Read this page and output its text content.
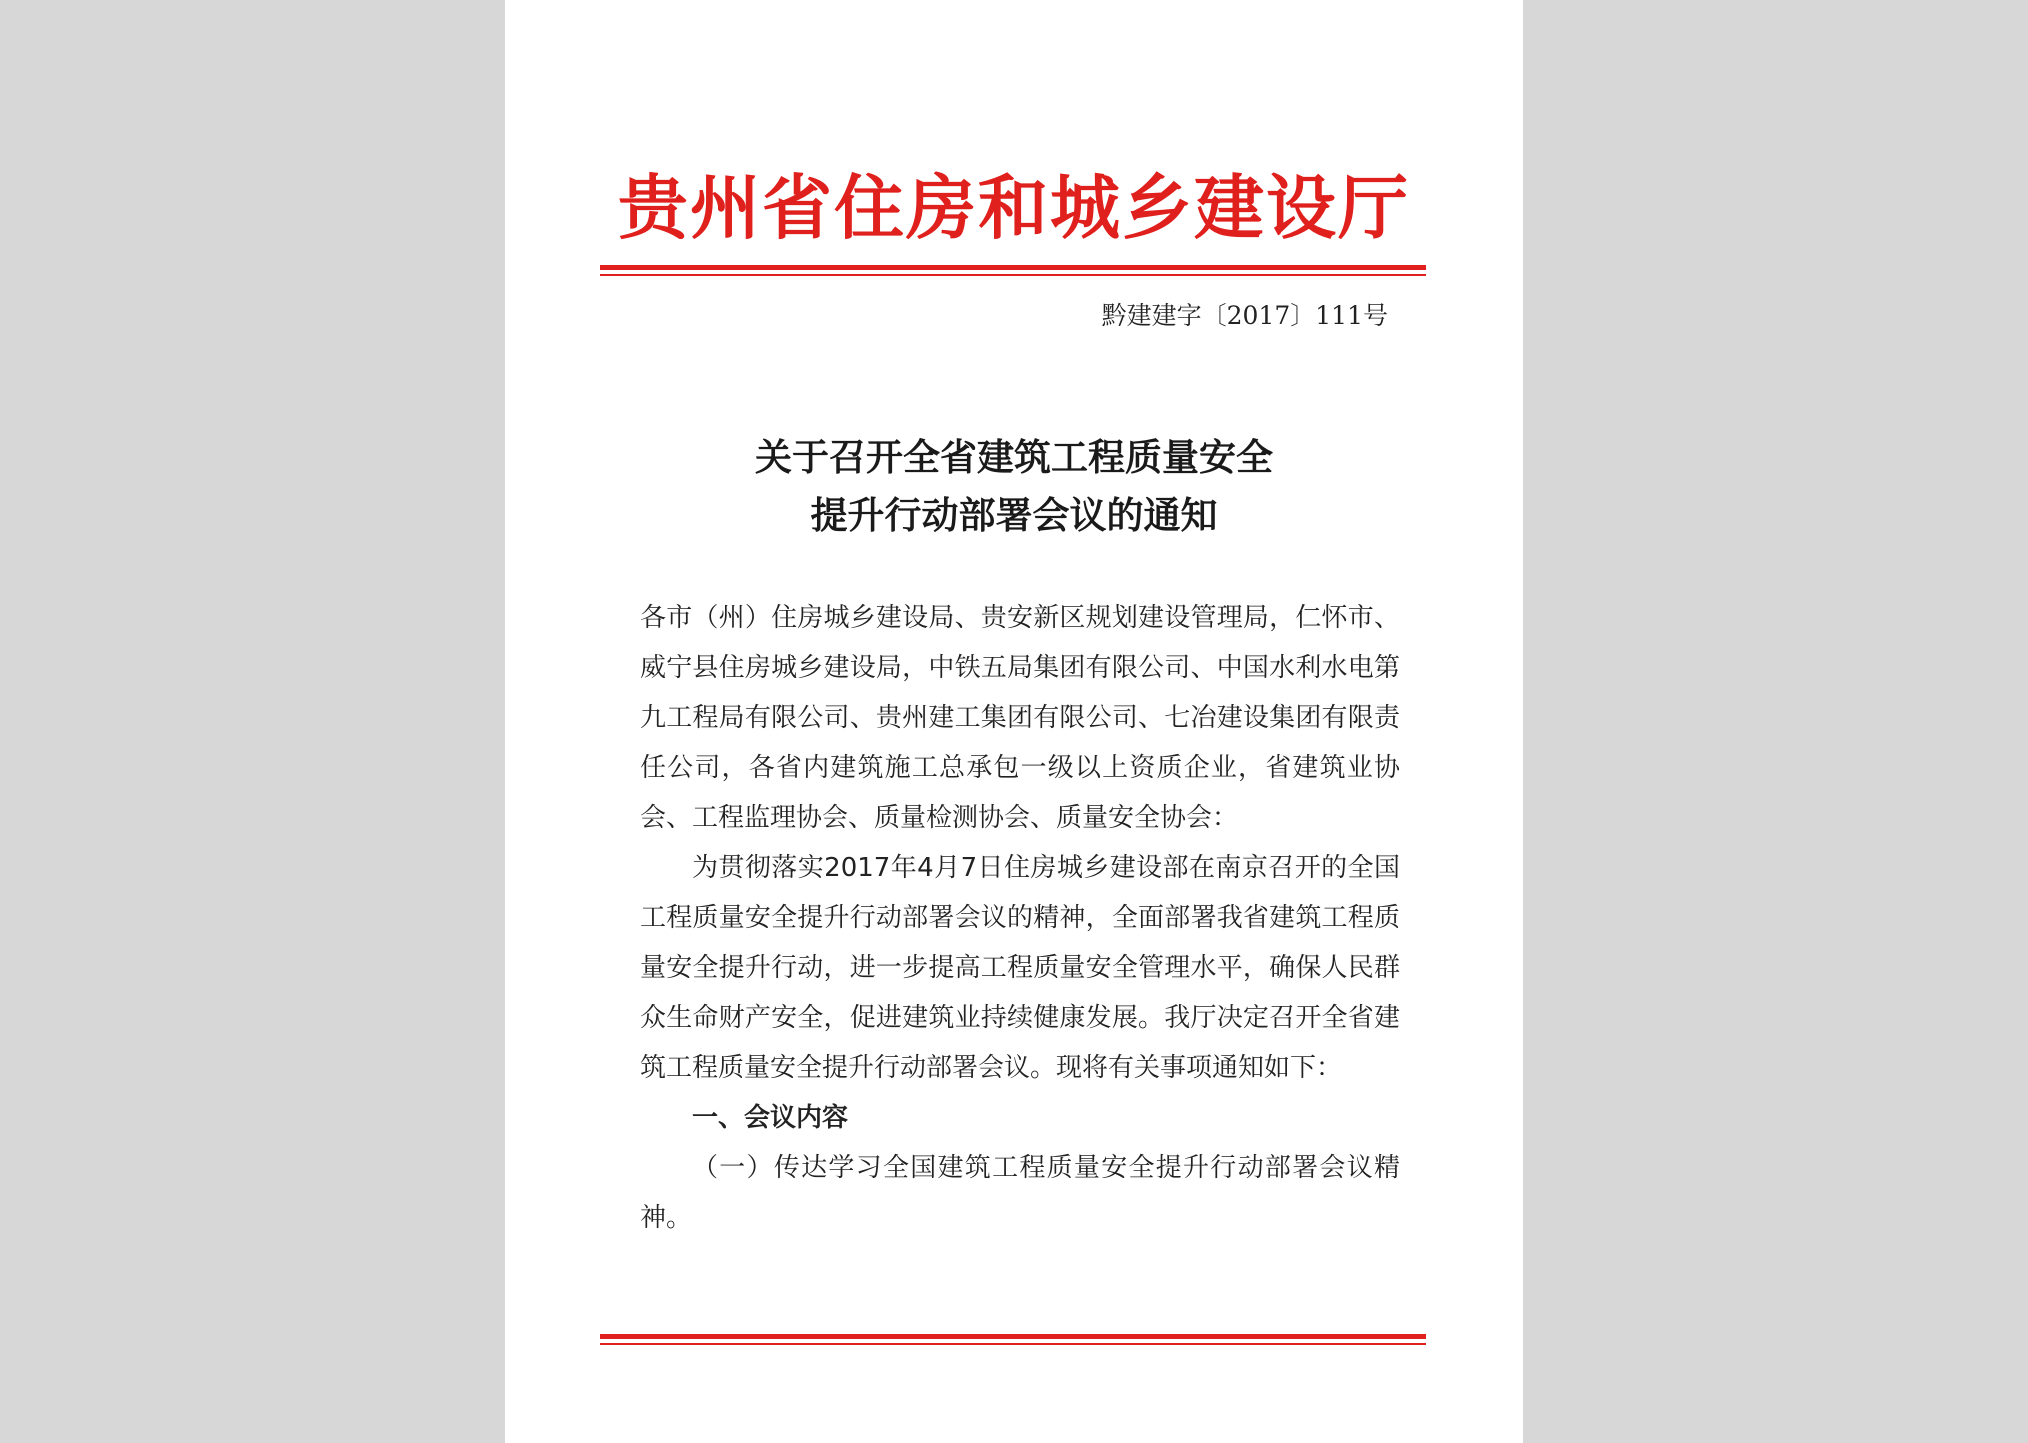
贵州省住房和城乡建设厅
黔建建字〔2017〕111号
关于召开全省建筑工程质量安全
提升行动部署会议的通知

各市（州）住房城乡建设局、贵安新区规划建设管理局，仁怀市、威宁县住房城乡建设局，中铁五局集团有限公司、中国水利水电第九工程局有限公司、贵州建工集团有限公司、七冶建设集团有限责任公司，各省内建筑施工总承包一级以上资质企业，省建筑业协会、工程监理协会、质量检测协会、质量安全协会：

为贯彻落实2017年4月7日住房城乡建设部在南京召开的全国工程质量安全提升行动部署会议的精神，全面部署我省建筑工程质量安全提升行动，进一步提高工程质量安全管理水平，确保人民群众生命财产安全，促进建筑业持续健康发展。我厅决定召开全省建筑工程质量安全提升行动部署会议。现将有关事项通知如下：

一、会议内容

（一）传达学习全国建筑工程质量安全提升行动部署会议精神。
